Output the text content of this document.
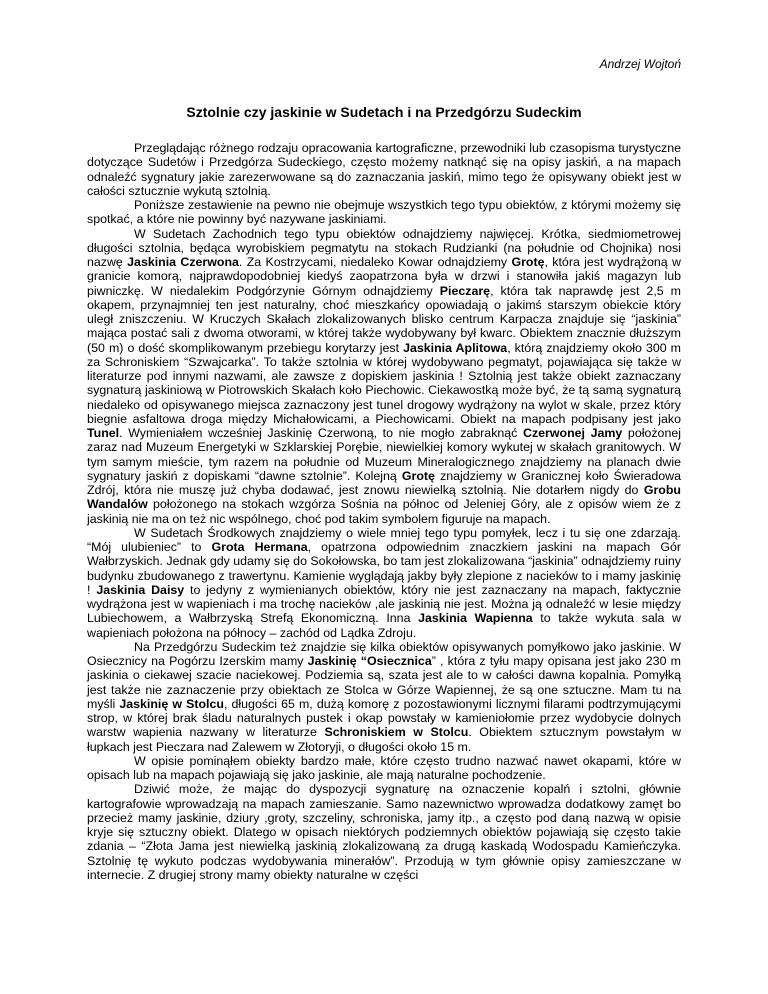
Andrzej Wojtoń
Sztolnie czy jaskinie w Sudetach i na Przedgórzu Sudeckim

Przeglądając różnego rodzaju opracowania kartograficzne, przewodniki lub czasopisma turystyczne dotyczące Sudetów i Przedgórza Sudeckiego, często możemy natknąć się na opisy jaskiń, a na mapach odnaleźć sygnatury jakie zarezerwowane są do zaznaczania jaskiń, mimo tego że opisywany obiekt jest w całości sztucznie wykutą sztolnią.

Poniższe zestawienie na pewno nie obejmuje wszystkich tego typu obiektów, z którymi możemy się spotkać, a które nie powinny być nazywane jaskiniami.

W Sudetach Zachodnich tego typu obiektów odnajdziemy najwięcej. Krótka, siedmiometrowej długości sztolnia, będąca wyrobiskiem pegmatytu na stokach Rudzianki (na południe od Chojnika) nosi nazwę Jaskinia Czerwona. Za Kostrzycami, niedaleko Kowar odnajdziemy Grotę, która jest wydrążoną w granicie komorą, najprawdopodobniej kiedyś zaopatrzona była w drzwi i stanowiła jakiś magazyn lub piwniczkę. W niedalekim Podgórzynie Górnym odnajdziemy Pieczarę, która tak naprawdę jest 2,5 m okapem, przynajmniej ten jest naturalny, choć mieszkańcy opowiadają o jakimś starszym obiekcie który uległ zniszczeniu. W Kruczych Skałach zlokalizowanych blisko centrum Karpacza znajduje się “jaskinia” mająca postać sali z dwoma otworami, w której także wydobywany był kwarc. Obiektem znacznie dłuższym (50 m) o dość skomplikowanym przebiegu korytarzy jest Jaskinia Aplitowa, którą znajdziemy około 300 m za Schroniskiem “Szwajcarka”. To także sztolnia w której wydobywano pegmatyt, pojawiająca się także w literaturze pod innymi nazwami, ale zawsze z dopiskiem jaskinia ! Sztolnią jest także obiekt zaznaczany sygnaturą jaskiniową w Piotrowskich Skałach koło Piechowic. Ciekawostką może być, że tą samą sygnaturą niedaleko od opisywanego miejsca zaznaczony jest tunel drogowy wydrążony na wylot w skale, przez który biegnie asfaltowa droga między Michałowicami, a Piechowicami. Obiekt na mapach podpisany jest jako Tunel. Wymieniałem wcześniej Jaskinię Czerwoną, to nie mogło zabraknąć Czerwonej Jamy położonej zaraz nad Muzeum Energetyki w Szklarskiej Porębie, niewielkiej komory wykutej w skałach granitowych. W tym samym mieście, tym razem na południe od Muzeum Mineralogicznego znajdziemy na planach dwie sygnatury jaskiń z dopiskami “dawne sztolnie”. Kolejną Grotę znajdziemy w Granicznej koło Świeradowa Zdrój, która nie muszę już chyba dodawać, jest znowu niewielką sztolnią. Nie dotarłem nigdy do Grobu Wandalów położonego na stokach wzgórza Sośnia na północ od Jeleniej Góry, ale z opisów wiem że z jaskinią nie ma on też nic wspólnego, choć pod takim symbolem figuruje na mapach.

W Sudetach Środkowych znajdziemy o wiele mniej tego typu pomyłek, lecz i tu się one zdarzają. “Mój ulubieniec” to Grota Hermana, opatrzona odpowiednim znaczkiem jaskini na mapach Gór Wałbrzyskich. Jednak gdy udamy się do Sokołowska, bo tam jest zlokalizowana “jaskinia” odnajdziemy ruiny budynku zbudowanego z trawertynu. Kamienie wyglądają jakby były zlepione z nacieków to i mamy jaskinię ! Jaskinia Daisy to jedyny z wymienianych obiektów, który nie jest zaznaczany na mapach, faktycznie wydrążona jest w wapieniach i ma trochę nacieków ,ale jaskinią nie jest. Można ją odnaleźć w lesie między Lubiechowem, a Wałbrzyską Strefą Ekonomiczną. Inna Jaskinia Wapienna to także wykuta sala w wapieniach położona na północy – zachód od Lądka Zdroju.

Na Przedgórzu Sudeckim też znajdzie się kilka obiektów opisywanych pomyłkowo jako jaskinie. W Osiecznicy na Pogórzu Izerskim mamy Jaskinię “Osiecznica” , która z tyłu mapy opisana jest jako 230 m jaskinia o ciekawej szacie naciekowej. Podziemia są, szata jest ale to w całości dawna kopalnia. Pomyłką jest także nie zaznaczenie przy obiektach ze Stolca w Górze Wapiennej, że są one sztuczne. Mam tu na myśli Jaskinię w Stolcu, długości 65 m, dużą komorę z pozostawionymi licznymi filarami podtrzymującymi strop, w której brak śladu naturalnych pustek i okap powstały w kamieniołomie przez wydobycie dolnych warstw wapienia nazwany w literaturze Schroniskiem w Stolcu. Obiektem sztucznym powstałym w łupkach jest Pieczara nad Zalewem w Złotoryji, o długości około 15 m.

W opisie pominąłem obiekty bardzo małe, które często trudno nazwać nawet okapami, które w opisach lub na mapach pojawiają się jako jaskinie, ale mają naturalne pochodzenie.

Dziwić może, że mając do dyspozycji sygnaturę na oznaczenie kopalń i sztolni, głównie kartografowie wprowadzają na mapach zamieszanie. Samo nazewnictwo wprowadza dodatkowy zamęt bo przecież mamy jaskinie, dziury ,groty, szczeliny, schroniska, jamy itp., a często pod daną nazwą w opisie kryje się sztuczny obiekt. Dlatego w opisach niektórych podziemnych obiektów pojawiają się często takie zdania – “Złota Jama jest niewielką jaskinią zlokalizowaną za drugą kaskadą Wodospadu Kamieńczyka. Sztolnię tę wykuto podczas wydobywania minerałów”. Przodują w tym głównie opisy zamieszczane w internecie. Z drugiej strony mamy obiekty naturalne w części
